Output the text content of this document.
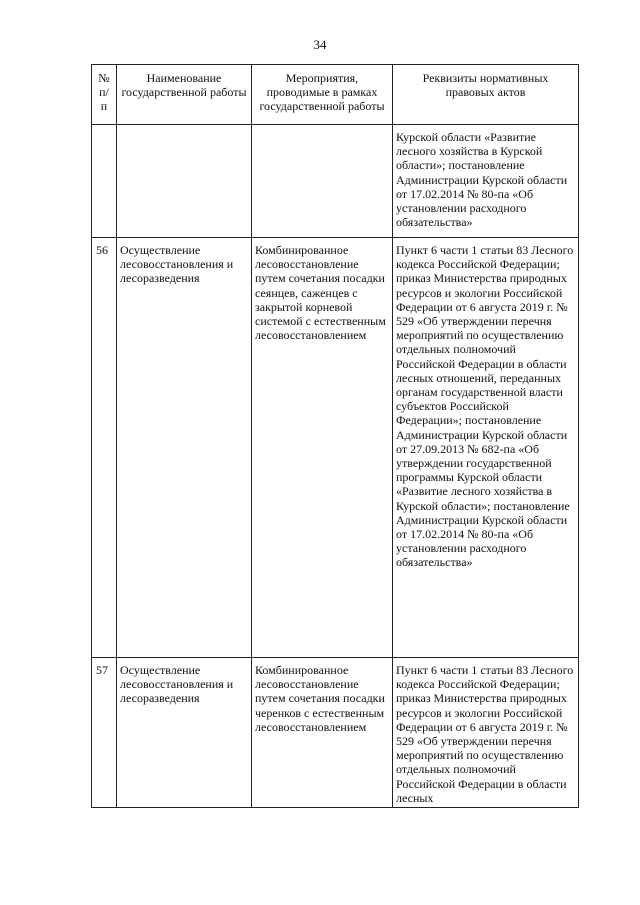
34
№ п/п	Наименование государственной работы	Мероприятия, проводимые в рамках государственной работы	Реквизиты нормативных правовых актов
			Курской области «Развитие лесного хозяйства в Курской области»; постановление Администрации Курской области от 17.02.2014 № 80-па «Об установлении расходного обязательства»
56	Осуществление лесовосстановления и лесоразведения	Комбинированное лесовосстановление путем сочетания посадки сеянцев, саженцев с закрытой корневой системой с естественным лесовосстановлением	Пункт 6 части 1 статьи 83 Лесного кодекса Российской Федерации; приказ Министерства природных ресурсов и экологии Российской Федерации от 6 августа 2019 г. № 529 «Об утверждении перечня мероприятий по осуществлению отдельных полномочий Российской Федерации в области лесных отношений, переданных органам государственной власти субъектов Российской Федерации»; постановление Администрации Курской области от 27.09.2013 № 682-па «Об утверждении государственной программы Курской области «Развитие лесного хозяйства в Курской области»; постановление Администрации Курской области от 17.02.2014 № 80-па «Об установлении расходного обязательства»
57	Осуществление лесовосстановления и лесоразведения	Комбинированное лесовосстановление путем сочетания посадки черенков с естественным лесовосстановлением	Пункт 6 части 1 статьи 83 Лесного кодекса Российской Федерации; приказ Министерства природных ресурсов и экологии Российской Федерации от 6 августа 2019 г. № 529 «Об утверждении перечня мероприятий по осуществлению отдельных полномочий Российской Федерации в области лесных
